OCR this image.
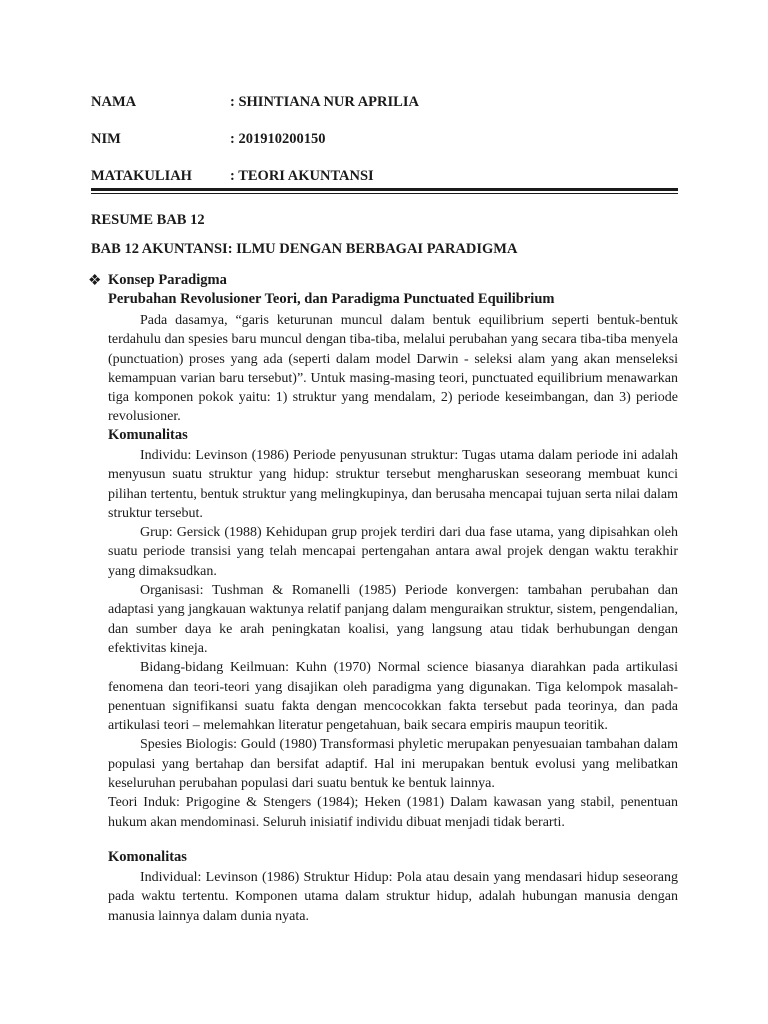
NAMA	: SHINTIANA NUR APRILIA
NIM	: 201910200150
MATAKULIAH	: TEORI AKUNTANSI
RESUME BAB 12
BAB 12 AKUNTANSI: ILMU DENGAN BERBAGAI PARADIGMA
❖ Konsep Paradigma
Perubahan Revolusioner Teori, dan Paradigma Punctuated Equilibrium

Pada dasamya, “garis keturunan muncul dalam bentuk equilibrium seperti bentuk-bentuk terdahulu dan spesies baru muncul dengan tiba-tiba, melalui perubahan yang secara tiba-tiba menyela (punctuation) proses yang ada (seperti dalam model Darwin - seleksi alam yang akan menseleksi kemampuan varian baru tersebut)”. Untuk masing-masing teori, punctuated equilibrium menawarkan tiga komponen pokok yaitu: 1) struktur yang mendalam, 2) periode keseimbangan, dan 3) periode revolusioner.

Komunalitas

Individu: Levinson (1986) Periode penyusunan struktur: Tugas utama dalam periode ini adalah menyusun suatu struktur yang hidup: struktur tersebut mengharuskan seseorang membuat kunci pilihan tertentu, bentuk struktur yang melingkupinya, dan berusaha mencapai tujuan serta nilai dalam struktur tersebut.

Grup: Gersick (1988) Kehidupan grup projek terdiri dari dua fase utama, yang dipisahkan oleh suatu periode transisi yang telah mencapai pertengahan antara awal projek dengan waktu terakhir yang dimaksudkan.

Organisasi: Tushman & Romanelli (1985) Periode konvergen: tambahan perubahan dan adaptasi yang jangkauan waktunya relatif panjang dalam menguraikan struktur, sistem, pengendalian, dan sumber daya ke arah peningkatan koalisi, yang langsung atau tidak berhubungan dengan efektivitas kineja.

Bidang-bidang Keilmuan: Kuhn (1970) Normal science biasanya diarahkan pada artikulasi fenomena dan teori-teori yang disajikan oleh paradigma yang digunakan. Tiga kelompok masalah-penentuan signifikansi suatu fakta dengan mencocokkan fakta tersebut pada teorinya, dan pada artikulasi teori – melemahkan literatur pengetahuan, baik secara empiris maupun teoritik.

Spesies Biologis: Gould (1980) Transformasi phyletic merupakan penyesuaian tambahan dalam populasi yang bertahap dan bersifat adaptif. Hal ini merupakan bentuk evolusi yang melibatkan keseluruhan perubahan populasi dari suatu bentuk ke bentuk lainnya.

Teori Induk: Prigogine & Stengers (1984); Heken (1981) Dalam kawasan yang stabil, penentuan hukum akan mendominasi. Seluruh inisiatif individu dibuat menjadi tidak berarti.

Komonalitas

Individual: Levinson (1986) Struktur Hidup: Pola atau desain yang mendasari hidup seseorang pada waktu tertentu. Komponen utama dalam struktur hidup, adalah hubungan manusia dengan manusia lainnya dalam dunia nyata.
